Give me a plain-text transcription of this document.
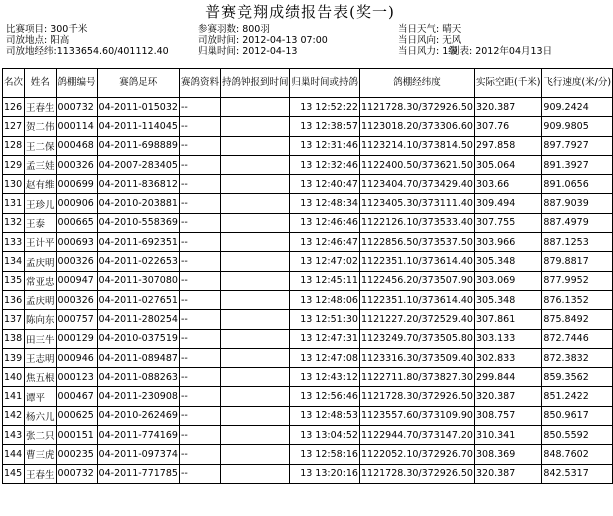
普赛竞翔成绩报告表(奖一)
比赛项目: 300千米
司放地点: 阳高
司放地经纬:1133654.60/401112.40
参赛羽数: 800羽
司放时间: 2012-04-13 07:00
归巢时间: 2012-04-13
当日天气: 晴天
当日风向: 无风
当日风力: 1级
制表: 2012年04月13日
名次	姓名	鸽棚编号	赛鸽足环	赛鸽资料	持鸽钟报到时间	归巢时间或持鸽	鸽棚经纬度	实际空距(千米)	飞行速度(米/分)
126	王春生	000732	04-2011-015032	--		13 12:52:22	1121728.30/372926.50	320.387	909.2424
127	贺二伟	000114	04-2011-114045	--		13 12:38:57	1123018.20/373306.60	307.76	909.9805
128	王二保	000468	04-2011-698889	--		13 12:31:46	1123214.10/373814.50	297.858	897.7927
129	孟三娃	000326	04-2007-283405	--		13 12:32:46	1122400.50/373621.50	305.064	891.3927
130	赵有维	000699	04-2011-836812	--		13 12:40:47	1123404.70/373429.40	303.66	891.0656
131	王珍儿	000906	04-2010-203881	--		13 12:48:34	1123405.30/373111.40	309.494	887.9039
132	王泰	000665	04-2010-558369	--		13 12:46:46	1122126.10/373533.40	307.755	887.4979
133	王计平	000693	04-2011-692351	--		13 12:46:47	1122856.50/373537.50	303.966	887.1253
134	孟庆明	000326	04-2011-022653	--		13 12:47:02	1122351.10/373614.40	305.348	879.8817
135	常亚忠	000947	04-2011-307080	--		13 12:45:11	1122456.20/373507.90	303.069	877.9952
136	孟庆明	000326	04-2011-027651	--		13 12:48:06	1122351.10/373614.40	305.348	876.1352
137	陈向东	000757	04-2011-280254	--		13 12:51:30	1121227.20/372529.40	307.861	875.8492
138	田三牛	000129	04-2010-037519	--		13 12:47:31	1123249.70/373505.80	303.133	872.7446
139	王志明	000946	04-2011-089487	--		13 12:47:08	1123316.30/373509.40	302.833	872.3832
140	焦五根	000123	04-2011-088263	--		13 12:43:12	1122711.80/373827.30	299.844	859.3562
141	谭平	000467	04-2011-230908	--		13 12:56:46	1121728.30/372926.50	320.387	851.2422
142	杨六儿	000625	04-2010-262469	--		13 12:48:53	1123557.60/373109.90	308.757	850.9617
143	张二只	000151	04-2011-774169	--		13 13:04:52	1122944.70/373147.20	310.341	850.5592
144	曹三虎	000235	04-2011-097374	--		13 12:58:16	1122052.10/372926.70	308.369	848.7602
145	王春生	000732	04-2011-771785	--		13 13:20:16	1121728.30/372926.50	320.387	842.5317
